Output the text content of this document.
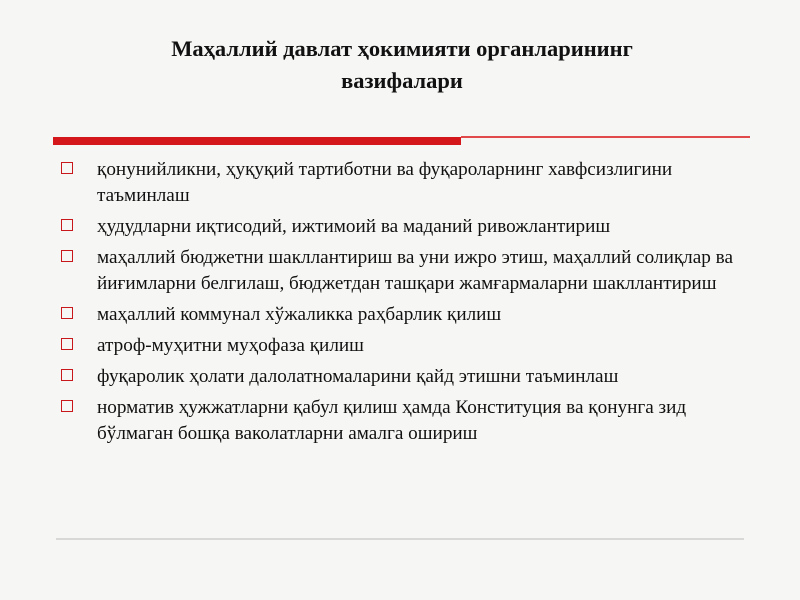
Маҳаллий давлат ҳокимияти органларининг
вазифалари
қонунийликни, ҳуқуқий тартиботни ва фуқароларнинг хавфсизлигини таъминлаш
ҳудудларни иқтисодий, ижтимоий ва маданий ривожлантириш
маҳаллий бюджетни шакллантириш ва уни ижро этиш, маҳаллий солиқлар ва йиғимларни белгилаш, бюджетдан ташқари жамғармаларни шакллантириш
маҳаллий коммунал хўжаликка раҳбарлик қилиш
атроф-муҳитни муҳофаза қилиш
фуқаролик ҳолати далолатномаларини қайд этишни таъминлаш
норматив ҳужжатларни қабул қилиш ҳамда Конституция ва қонунга зид бўлмаган бошқа ваколатларни амалга ошириш
